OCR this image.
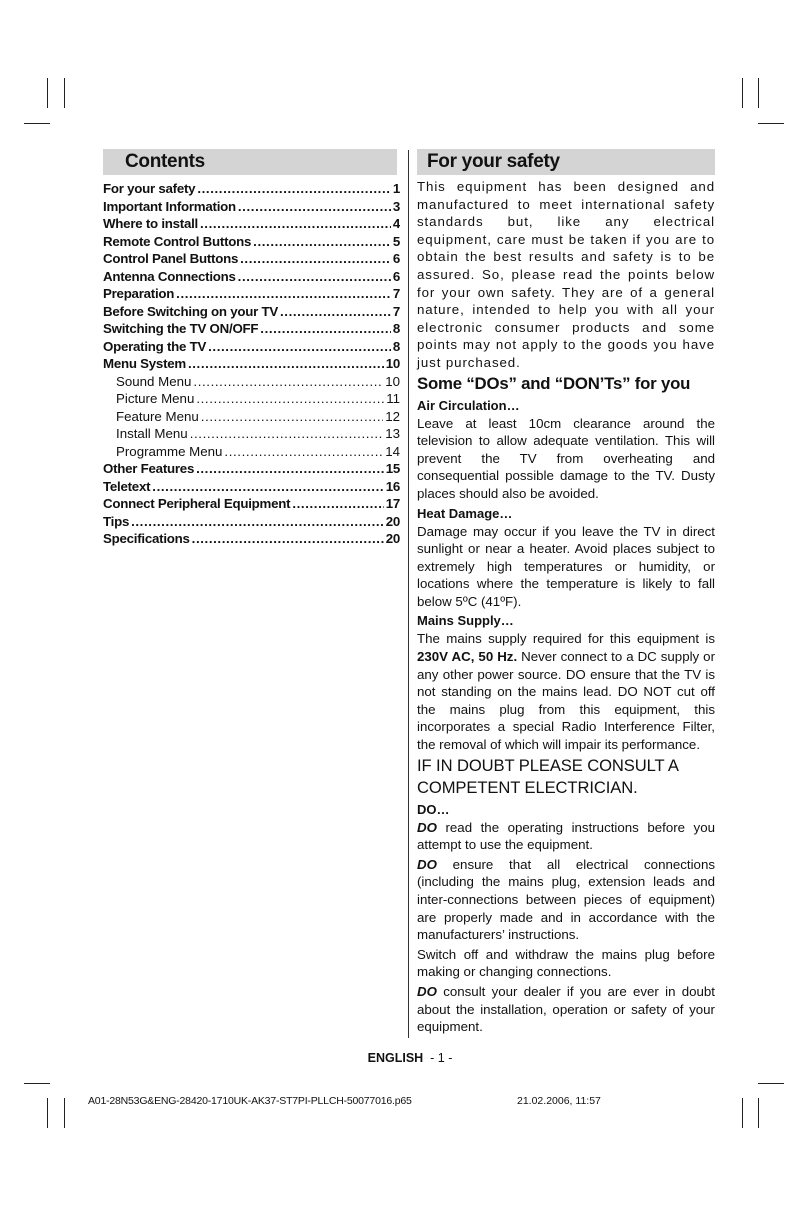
Contents
For your safety .....	1
Important Information .....	3
Where to install .....	4
Remote Control Buttons .....	5
Control Panel Buttons .....	6
Antenna Connections .....	6
Preparation .....	7
Before Switching on your TV .....	7
Switching the TV ON/OFF .....	8
Operating the TV .....	8
Menu System .....	10
Sound Menu .....	10
Picture Menu .....	11
Feature Menu .....	12
Install Menu .....	13
Programme Menu .....	14
Other Features .....	15
Teletext .....	16
Connect Peripheral Equipment .....	17
Tips .....	20
Specifications .....	20
For your safety

This equipment has been designed and manufactured to meet international safety standards but, like any electrical equipment, care must be taken if you are to obtain the best results and safety is to be assured. So, please read the points below for your own safety. They are of a general nature, intended to help you with all your electronic consumer products and some points may not apply to the goods you have just purchased.

Some “DOs” and “DON’Ts” for you
Air Circulation…

Leave at least 10cm clearance around the television to allow adequate ventilation. This will prevent the TV from overheating and consequential possible damage to the TV. Dusty places should also be avoided.

Heat Damage…

Damage may occur if you leave the TV in direct sunlight or near a heater. Avoid places subject to extremely high temperatures or humidity, or locations where the temperature is likely to fall below 5ºC (41ºF).

Mains Supply…

The mains supply required for this equipment is 230V AC, 50 Hz. Never connect to a DC supply or any other power source. DO ensure that the TV is not standing on the mains lead. DO NOT cut off the mains plug from this equipment, this incorporates a special Radio Interference Filter, the removal of which will impair its performance.

IF IN DOUBT PLEASE CONSULT A COMPETENT ELECTRICIAN.
DO…

DO read the operating instructions before you attempt to use the equipment.

DO ensure that all electrical connections (including the mains plug, extension leads and inter-connections between pieces of equipment) are properly made and in accordance with the manufacturers’ instructions.

Switch off and withdraw the mains plug before making or changing connections.

DO consult your dealer if you are ever in doubt about the installation, operation or safety of your equipment.

ENGLISH - 1 -
A01-28N53G&ENG-28420-1710UK-AK37-ST7PI-PLLCH-50077016.p65	21.02.2006, 11:57
